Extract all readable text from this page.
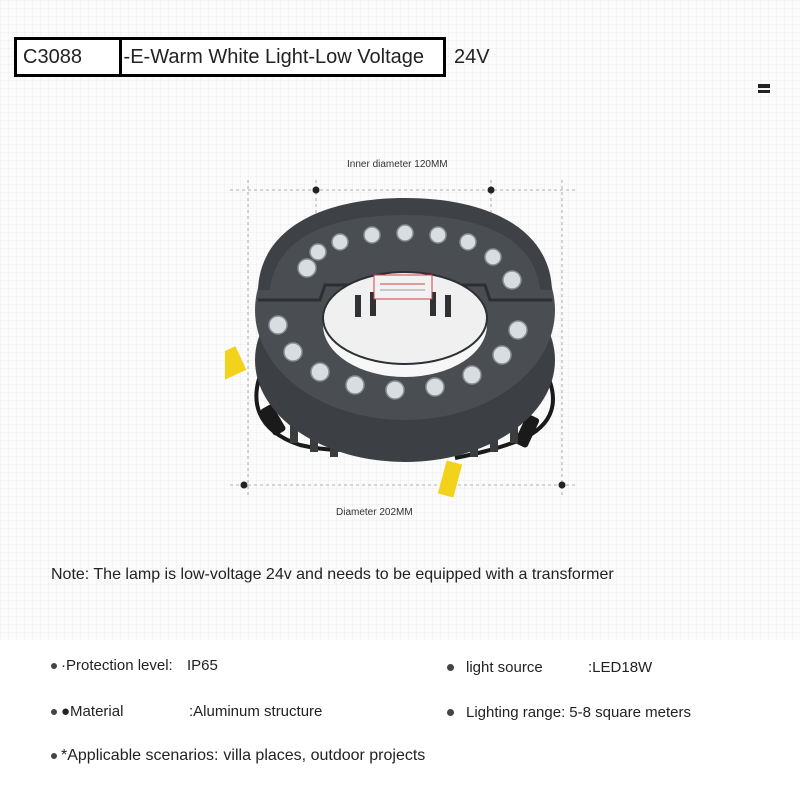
C3088	-E-Warm White Light-Low Voltage	24V
Inner diameter 120MM
Diameter 202MM
Note: The lamp is low-voltage 24v and needs to be equipped with a transformer
·Protection level: IP65	light source	:LED18W
●Material	:Aluminum structure	Lighting range: 5-8 square meters
*Applicable scenarios: villa places, outdoor projects
